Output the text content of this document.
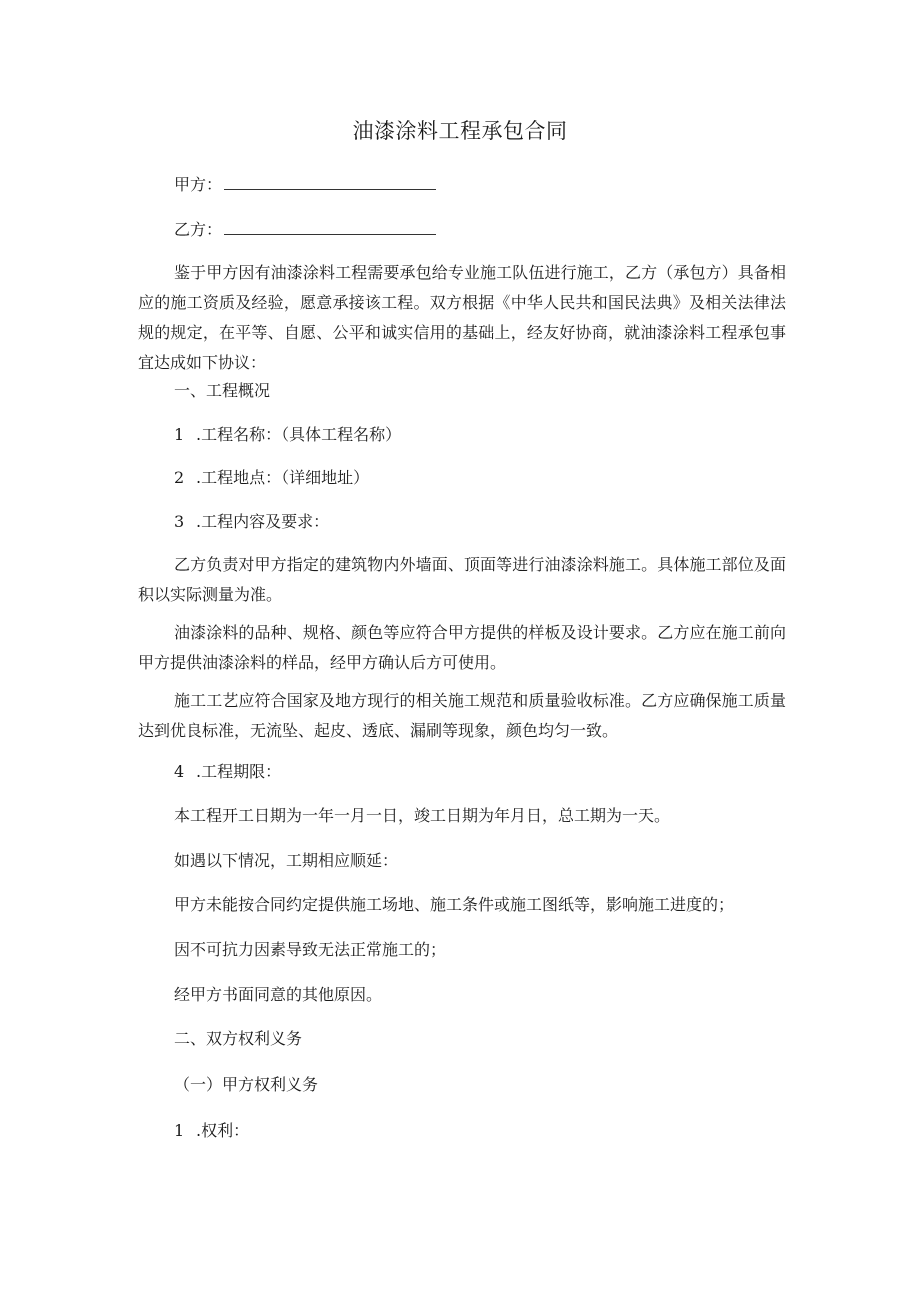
油漆涂料工程承包合同
甲方：
乙方：
鉴于甲方因有油漆涂料工程需要承包给专业施工队伍进行施工，乙方（承包方）具备相应的施工资质及经验，愿意承接该工程。双方根据《中华人民共和国民法典》及相关法律法规的规定，在平等、自愿、公平和诚实信用的基础上，经友好协商，就油漆涂料工程承包事宜达成如下协议：
一、工程概况
1 .工程名称：（具体工程名称）
2 .工程地点：（详细地址）
3 .工程内容及要求：
乙方负责对甲方指定的建筑物内外墙面、顶面等进行油漆涂料施工。具体施工部位及面积以实际测量为准。
油漆涂料的品种、规格、颜色等应符合甲方提供的样板及设计要求。乙方应在施工前向甲方提供油漆涂料的样品，经甲方确认后方可使用。
施工工艺应符合国家及地方现行的相关施工规范和质量验收标准。乙方应确保施工质量达到优良标准，无流坠、起皮、透底、漏刷等现象，颜色均匀一致。
4 .工程期限：
本工程开工日期为一年一月一日，竣工日期为年月日，总工期为一天。
如遇以下情况，工期相应顺延：
甲方未能按合同约定提供施工场地、施工条件或施工图纸等，影响施工进度的；
因不可抗力因素导致无法正常施工的；
经甲方书面同意的其他原因。
二、双方权利义务
（一）甲方权利义务
1 .权利：
